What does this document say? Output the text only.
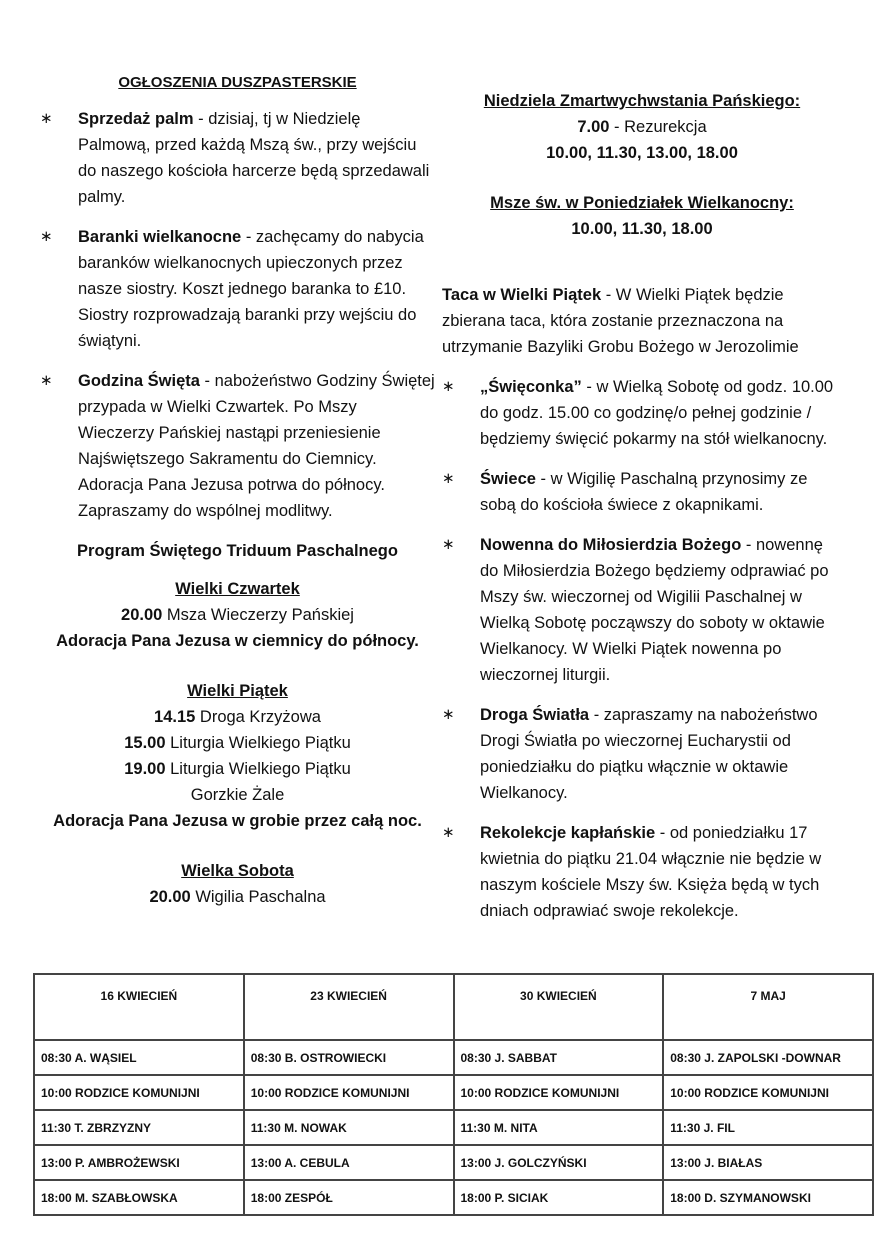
OGŁOSZENIA DUSZPASTERSKIE
∗	Sprzedaż palm - dzisiaj, tj w Niedzielę Palmową, przed każdą Mszą św., przy wejściu do naszego kościoła harcerze będą sprzedawali palmy.
∗	Baranki wielkanocne - zachęcamy do nabycia baranków wielkanocnych upieczonych przez nasze siostry. Koszt jednego baranka to £10. Siostry rozprowadzają baranki przy wejściu do świątyni.
∗	Godzina Święta - nabożeństwo Godziny Świętej przypada w Wielki Czwartek. Po Mszy Wieczerzy Pańskiej nastąpi przeniesienie Najświętszego Sakramentu do Ciemnicy. Adoracja Pana Jezusa potrwa do północy. Zapraszamy do wspólnej modlitwy.
Program Świętego Triduum Paschalnego
Wielki Czwartek
20.00 Msza Wieczerzy Pańskiej
Adoracja Pana Jezusa w ciemnicy do północy.
Wielki Piątek
14.15 Droga Krzyżowa
15.00 Liturgia Wielkiego Piątku
19.00 Liturgia Wielkiego Piątku
Gorzkie Żale
Adoracja Pana Jezusa w grobie przez całą noc.
Wielka Sobota
20.00 Wigilia Paschalna
Niedziela Zmartwychwstania Pańskiego:
7.00 - Rezurekcja
10.00, 11.30, 13.00, 18.00
Msze św. w Poniedziałek Wielkanocny:
10.00, 11.30, 18.00
Taca w Wielki Piątek - W Wielki Piątek będzie zbierana taca, która zostanie przeznaczona na utrzymanie Bazyliki Grobu Bożego w Jerozolimie
∗ „Święconka” - w Wielką Sobotę od godz. 10.00 do godz. 15.00 co godzinę/o pełnej godzinie / będziemy święcić pokarmy na stół wielkanocny.
∗ Świece - w Wigilię Paschalną przynosimy ze sobą do kościoła świece z okapnikami.
∗ Nowenna do Miłosierdzia Bożego - nowennę do Miłosierdzia Bożego będziemy odprawiać po Mszy św. wieczornej od Wigilii Paschalnej w Wielką Sobotę począwszy do soboty w oktawie Wielkanocy. W Wielki Piątek nowenna po wieczornej liturgii.
∗ Droga Światła - zapraszamy na nabożeństwo Drogi Światła po wieczornej Eucharystii od poniedziałku do piątku włącznie w oktawie Wielkanocy.
∗ Rekolekcje kapłańskie - od poniedziałku 17 kwietnia do piątku 21.04 włącznie nie będzie w naszym kościele Mszy św. Księża będą w tych dniach odprawiać swoje rekolekcje.
16 KWIECIEŃ	23 KWIECIEŃ	30 KWIECIEŃ	7 MAJ
08:30 A. WĄSIEL	08:30 B. OSTROWIECKI	08:30 J. SABBAT	08:30 J. ZAPOLSKI -DOWNAR
10:00 RODZICE KOMUNIJNI	10:00 RODZICE KOMUNIJNI	10:00 RODZICE KOMUNIJNI	10:00 RODZICE KOMUNIJNI
11:30 T. ZBRZYZNY	11:30 M. NOWAK	11:30 M. NITA	11:30 J. FIL
13:00 P. AMBROŻEWSKI	13:00 A. CEBULA	13:00 J. GOLCZYŃSKI	13:00 J. BIAŁAS
18:00 M. SZABŁOWSKA	18:00 ZESPÓŁ	18:00 P. SICIAK	18:00 D. SZYMANOWSKI
